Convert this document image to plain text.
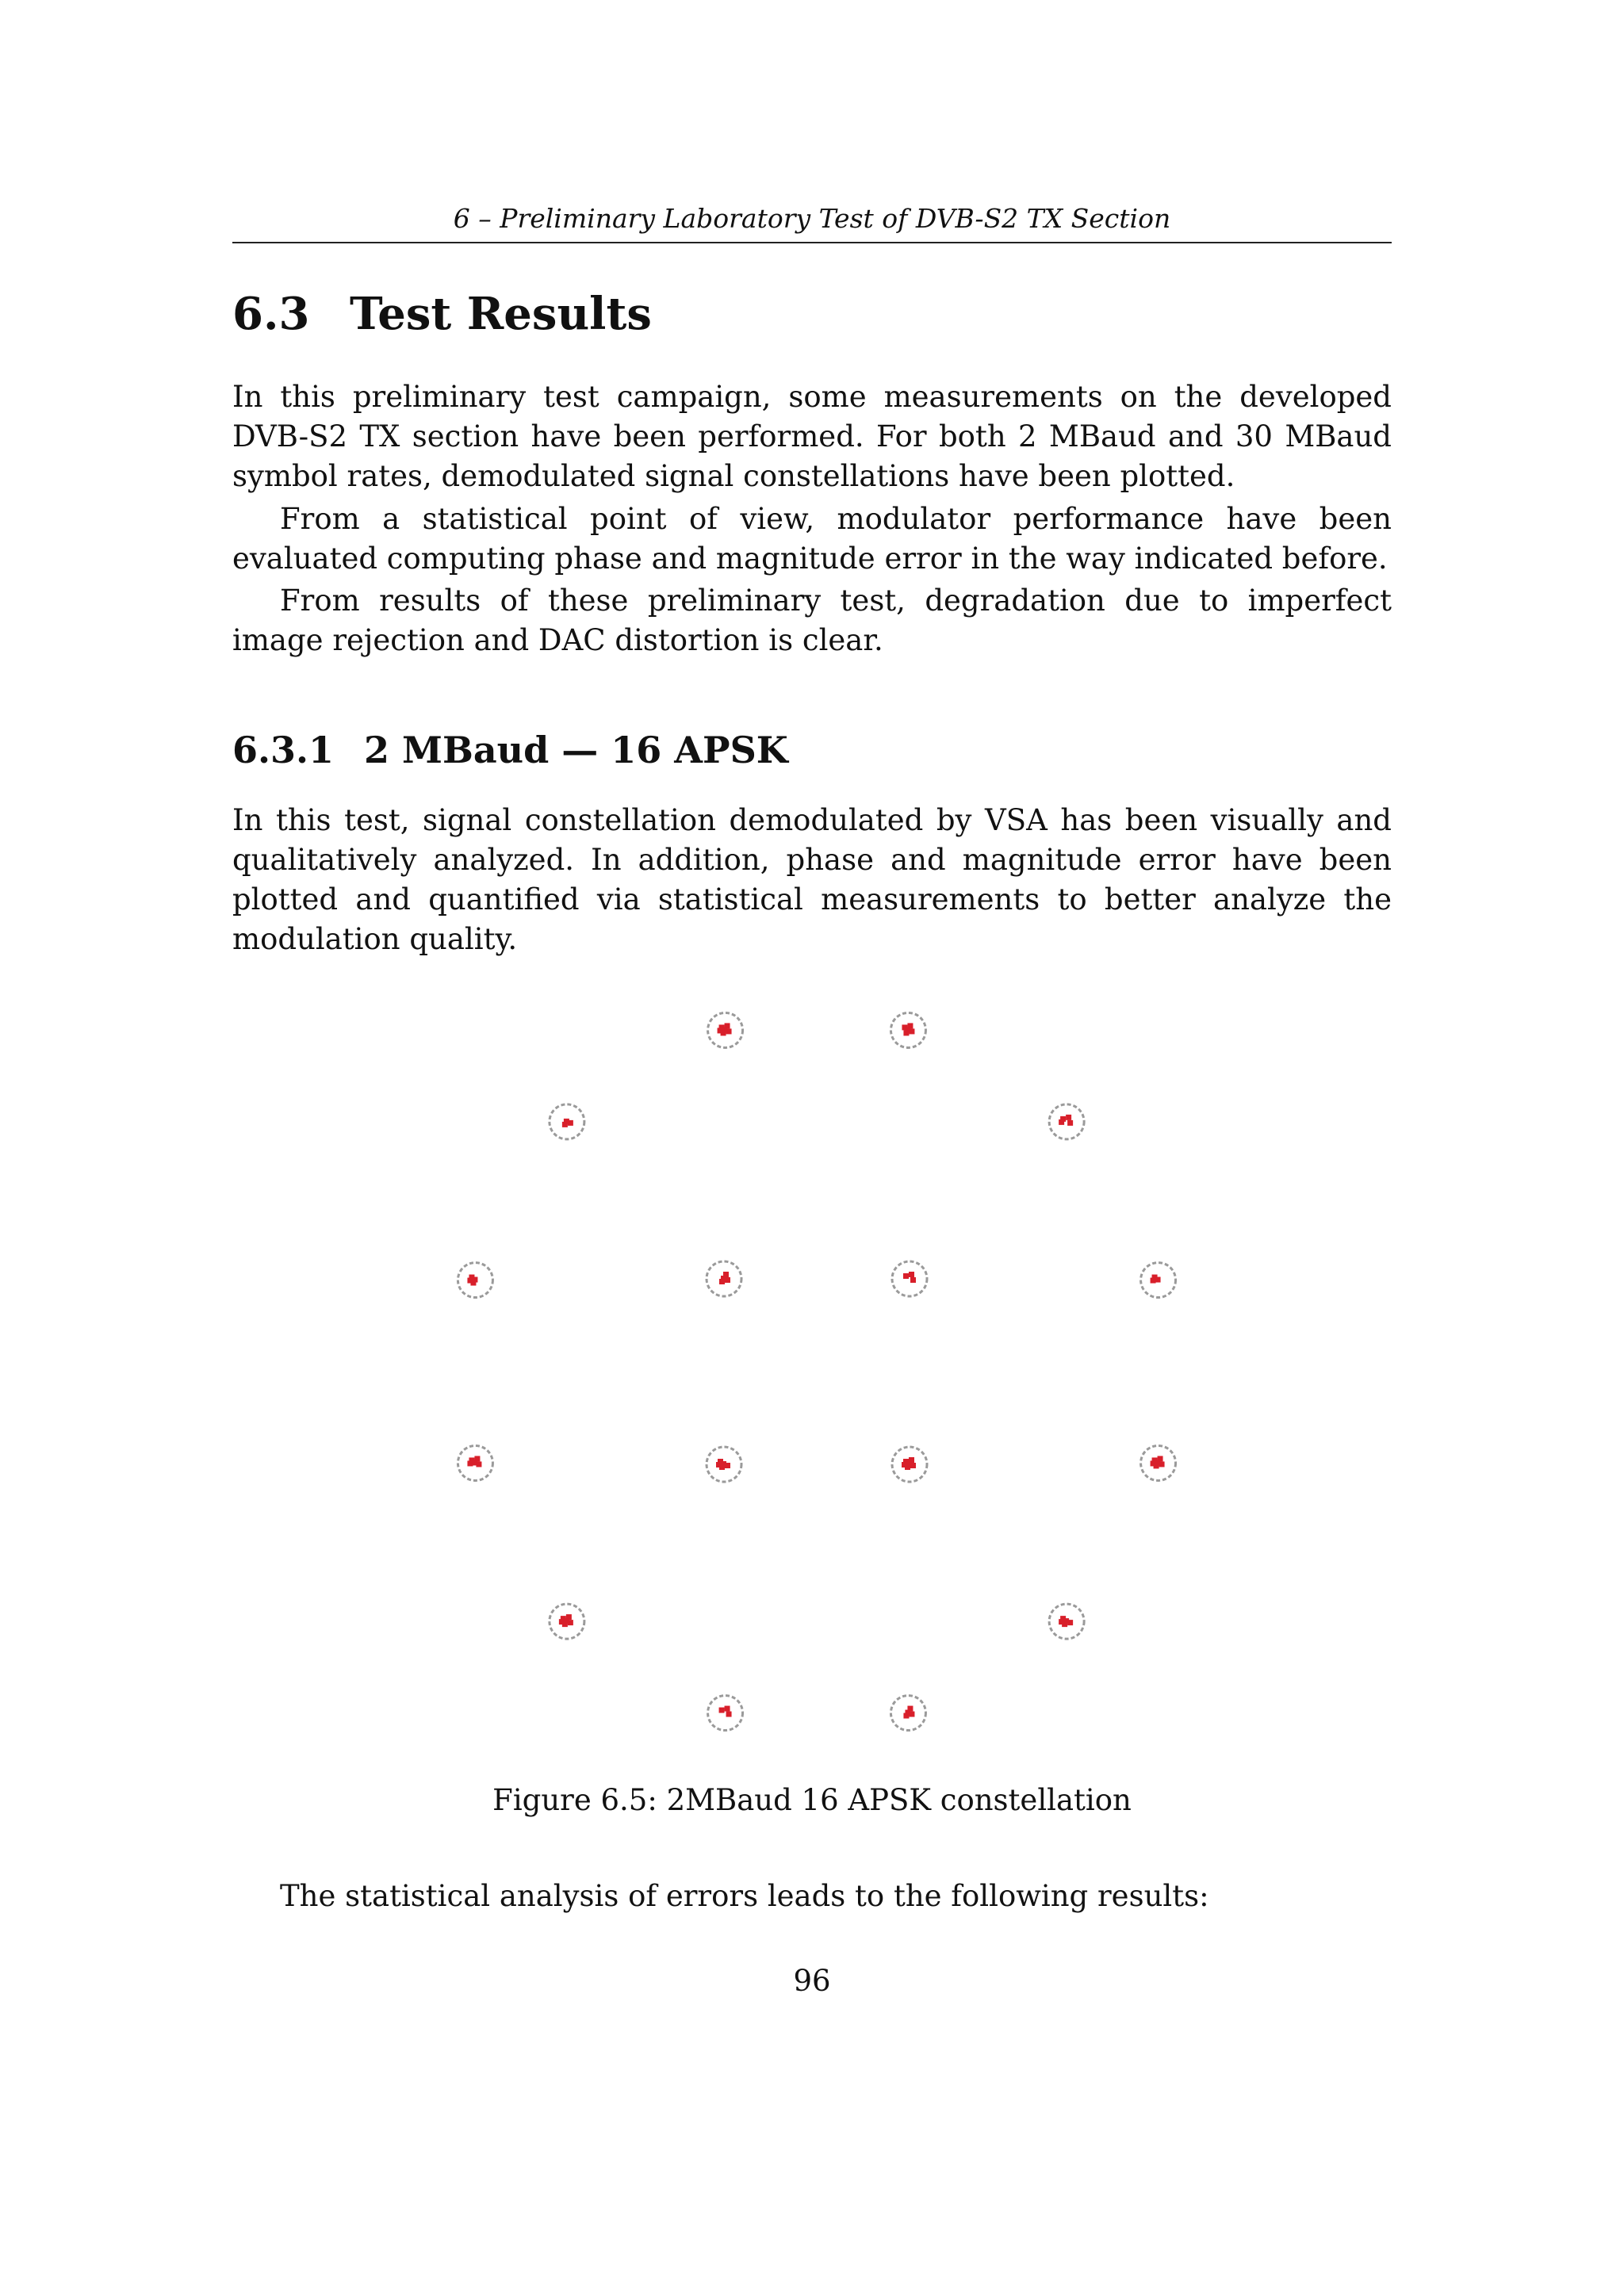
6 – Preliminary Laboratory Test of DVB-S2 TX Section
6.3 Test Results

In this preliminary test campaign, some measurements on the developed DVB-S2 TX section have been performed. For both 2 MBaud and 30 MBaud symbol rates, demodulated signal constellations have been plotted.

From a statistical point of view, modulator performance have been evaluated computing phase and magnitude error in the way indicated before.

From results of these preliminary test, degradation due to imperfect image rejection and DAC distortion is clear.

6.3.1 2 MBaud — 16 APSK

In this test, signal constellation demodulated by VSA has been visually and qualitatively analyzed. In addition, phase and magnitude error have been plotted and quantified via statistical measurements to better analyze the modulation quality.

Figure 6.5: 2MBaud 16 APSK constellation

The statistical analysis of errors leads to the following results:

96
